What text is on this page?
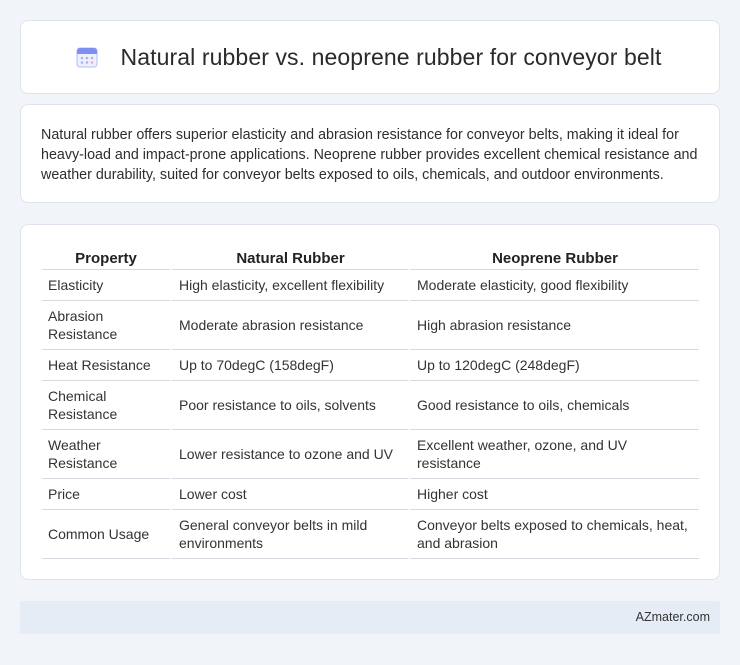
Natural rubber vs. neoprene rubber for conveyor belt

Natural rubber offers superior elasticity and abrasion resistance for conveyor belts, making it ideal for heavy-load and impact-prone applications. Neoprene rubber provides excellent chemical resistance and weather durability, suited for conveyor belts exposed to oils, chemicals, and outdoor environments.

Property	Natural Rubber	Neoprene Rubber
Elasticity	High elasticity, excellent flexibility	Moderate elasticity, good flexibility
Abrasion Resistance	Moderate abrasion resistance	High abrasion resistance
Heat Resistance	Up to 70degC (158degF)	Up to 120degC (248degF)
Chemical Resistance	Poor resistance to oils, solvents	Good resistance to oils, chemicals
Weather Resistance	Lower resistance to ozone and UV	Excellent weather, ozone, and UV resistance
Price	Lower cost	Higher cost
Common Usage	General conveyor belts in mild environments	Conveyor belts exposed to chemicals, heat, and abrasion
AZmater.com
